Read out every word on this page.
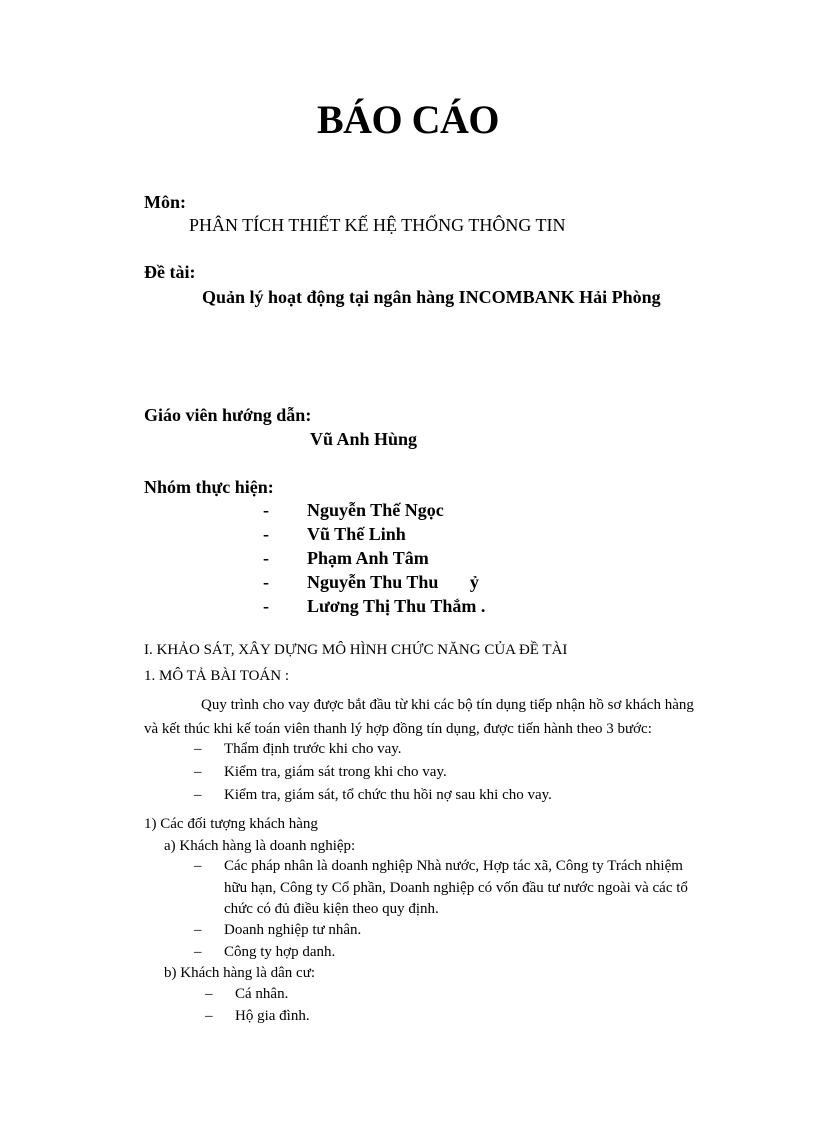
BÁO CÁO
Môn:
PHÂN TÍCH THIẾT KẾ HỆ THỐNG THÔNG TIN
Đề tài:
Quản lý hoạt động tại ngân hàng INCOMBANK Hải Phòng
Giáo viên hướng dẫn:
Vũ Anh Hùng
Nhóm thực hiện:
- Nguyễn Thế Ngọc
- Vũ Thế Linh
- Phạm Anh Tâm
- Nguyễn Thu Thu       ỷ
- Lương Thị Thu Thắm .
I. KHẢO SÁT, XÂY DỰNG MÔ HÌNH CHỨC NĂNG CỦA ĐỀ TÀI
1. MÔ TẢ BÀI TOÁN :
Quy trình cho vay được bắt đầu từ khi các bộ tín dụng tiếp nhận hồ sơ khách hàng
và kết thúc khi kế toán viên thanh lý hợp đồng tín dụng, được tiến hành theo 3 bước:
– Thẩm định trước khi cho vay.
– Kiểm tra, giám sát trong khi cho vay.
– Kiểm tra, giám sát, tổ chức thu hồi nợ sau khi cho vay.
1) Các đối tượng khách hàng
a) Khách hàng là doanh nghiệp:
– Các pháp nhân là doanh nghiệp Nhà nước, Hợp tác xã, Công ty Trách nhiệm
hữu hạn, Công ty Cổ phần, Doanh nghiệp có vốn đầu tư nước ngoài và các tổ
chức có đủ điều kiện theo quy định.
– Doanh nghiệp tư nhân.
– Công ty hợp danh.
b) Khách hàng là dân cư:
– Cá nhân.
– Hộ gia đình.
